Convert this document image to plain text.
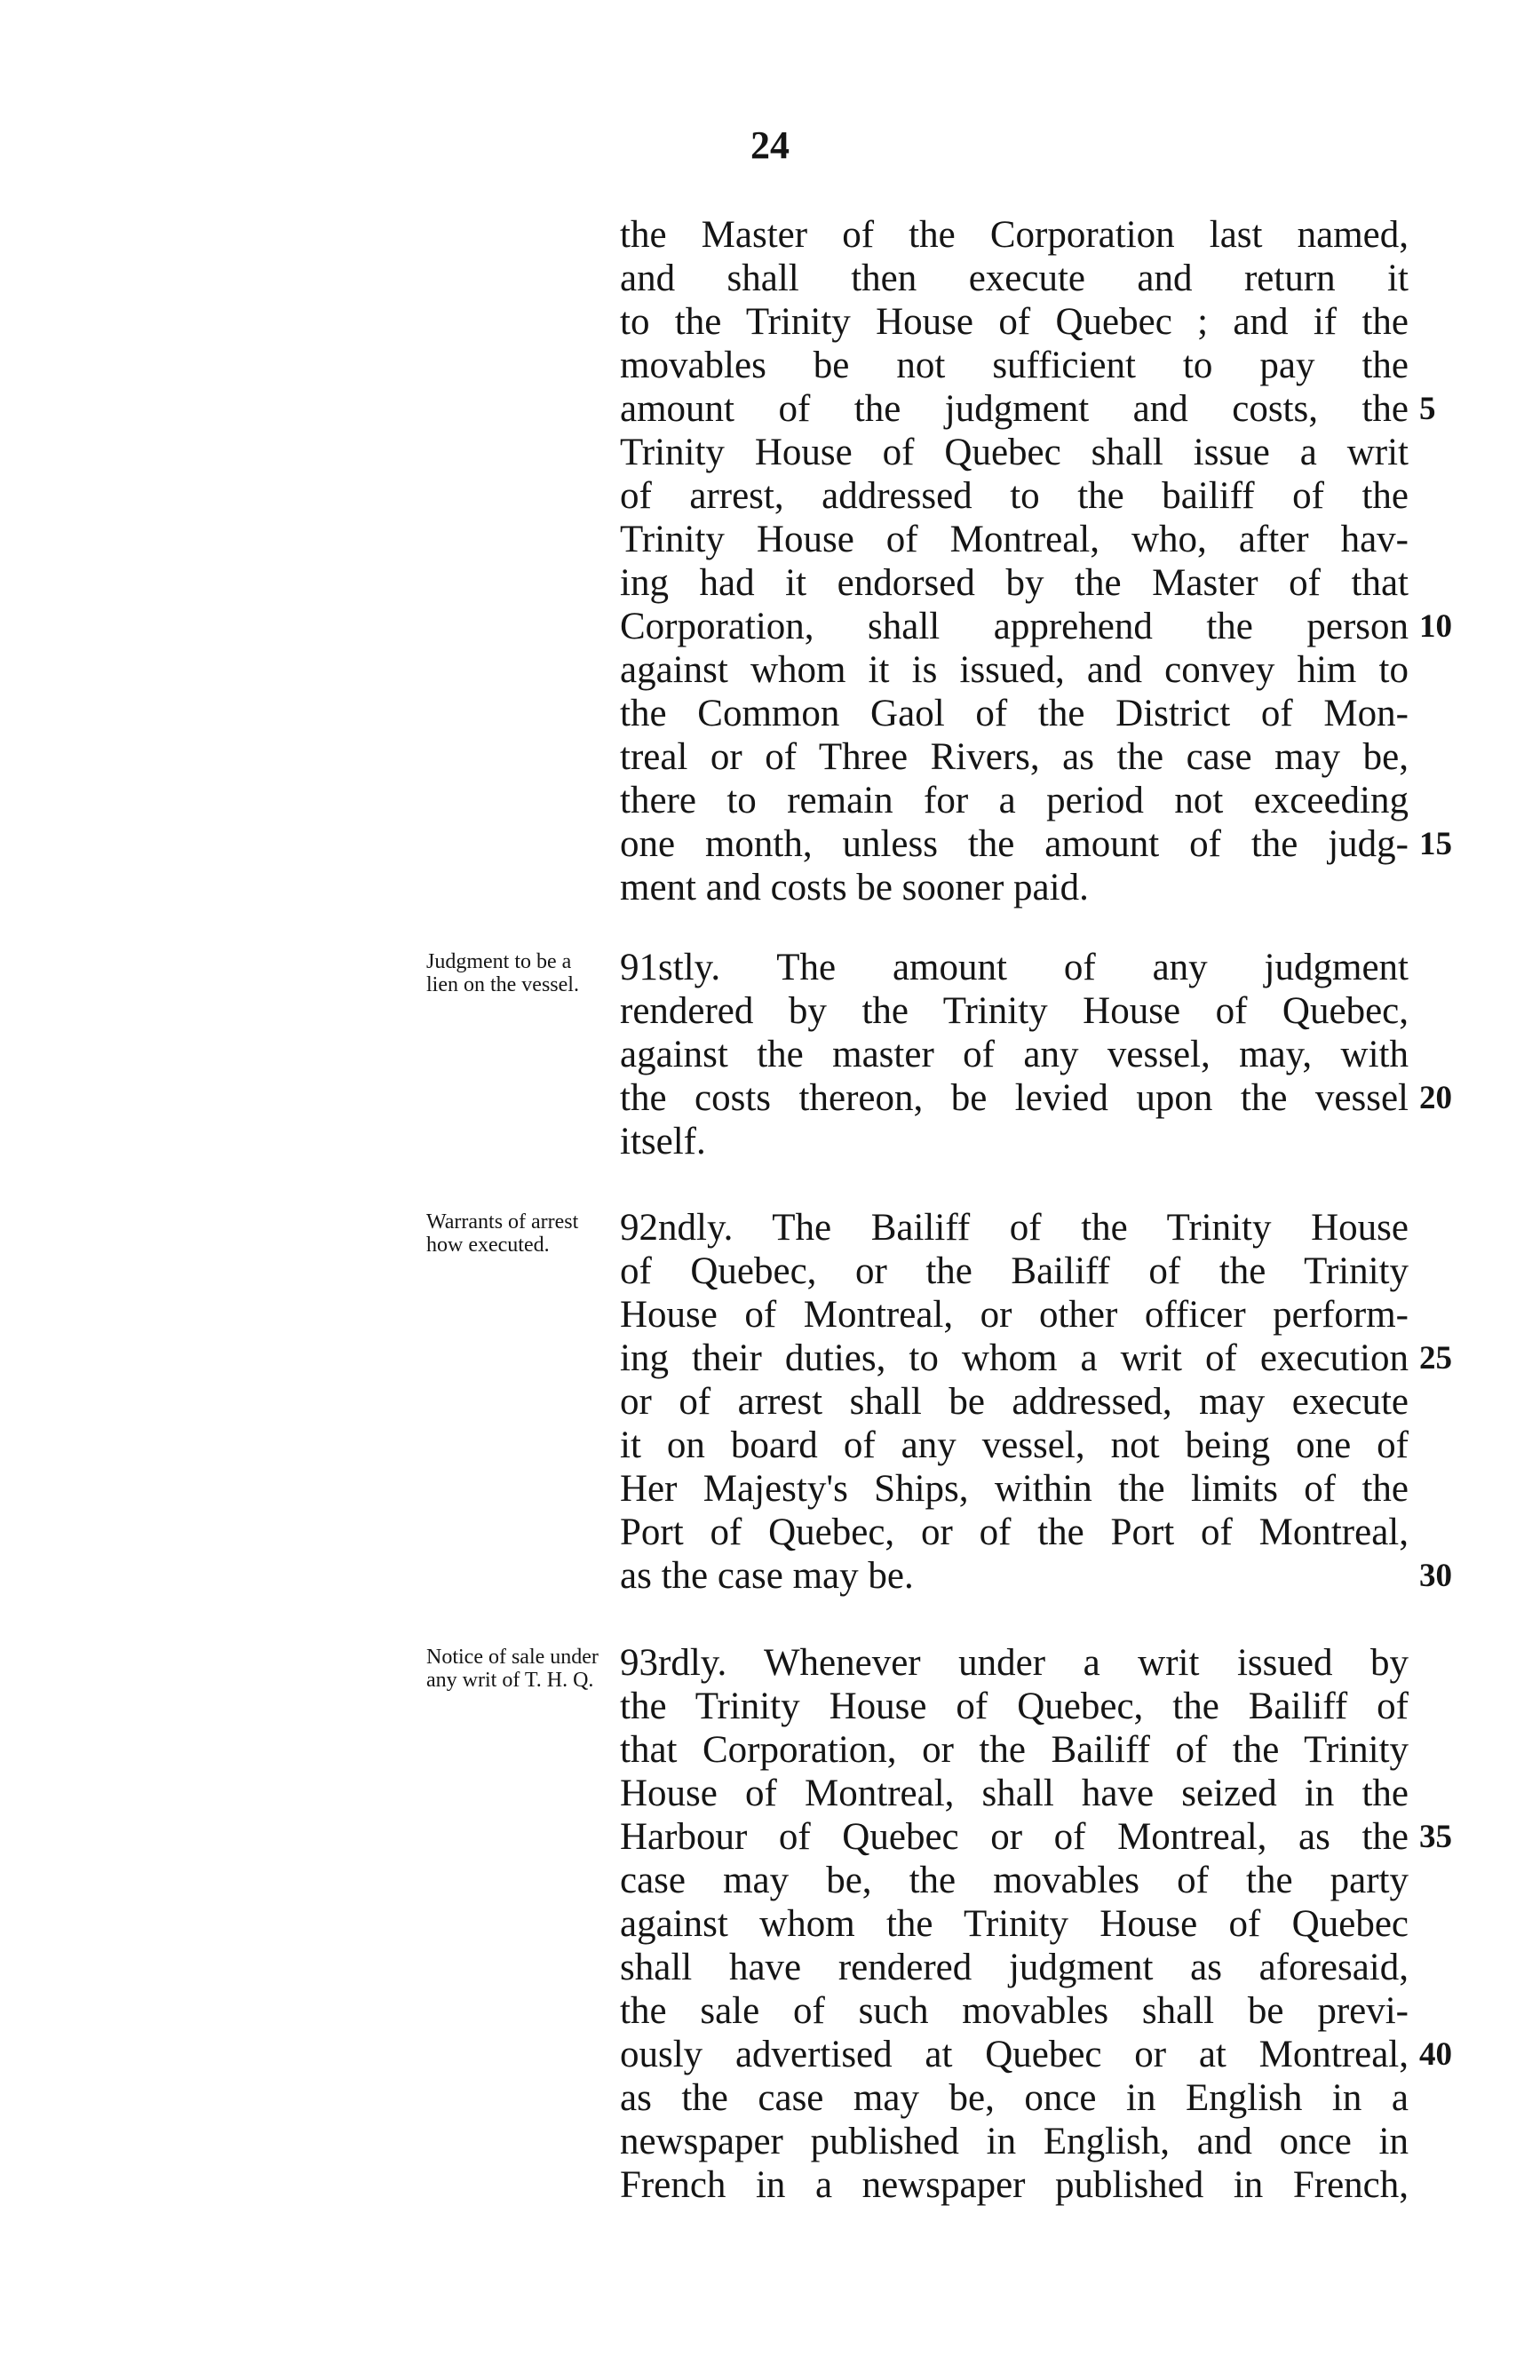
24
the Master of the Corporation last named,
and shall then execute and return it
to the Trinity House of Quebec ; and if the
movables be not sufficient to pay the
amount of the judgment and costs, the
Trinity House of Quebec shall issue a writ
of arrest, addressed to the bailiff of the
Trinity House of Montreal, who, after hav-
ing had it endorsed by the Master of that
Corporation, shall apprehend the person
against whom it is issued, and convey him to
the Common Gaol of the District of Mon-
treal or of Three Rivers, as the case may be,
there to remain for a period not exceeding
one month, unless the amount of the judg-
ment and costs be sooner paid.
91stly. The amount of any judgment
rendered by the Trinity House of Quebec,
against the master of any vessel, may, with
the costs thereon, be levied upon the vessel
itself.
92ndly. The Bailiff of the Trinity House
of Quebec, or the Bailiff of the Trinity
House of Montreal, or other officer perform-
ing their duties, to whom a writ of execution
or of arrest shall be addressed, may execute
it on board of any vessel, not being one of
Her Majesty's Ships, within the limits of the
Port of Quebec, or of the Port of Montreal,
as the case may be.
93rdly. Whenever under a writ issued by
the Trinity House of Quebec, the Bailiff of
that Corporation, or the Bailiff of the Trinity
House of Montreal, shall have seized in the
Harbour of Quebec or of Montreal, as the
case may be, the movables of the party
against whom the Trinity House of Quebec
shall have rendered judgment as aforesaid,
the sale of such movables shall be previ-
ously advertised at Quebec or at Montreal,
as the case may be, once in English in a
newspaper published in English, and once in
French in a newspaper published in French,
5
10
15
20
25
30
35
40
Judgment to be a lien on the vessel.
Warrants of arrest how executed.
Notice of sale under any writ of T. H. Q.
